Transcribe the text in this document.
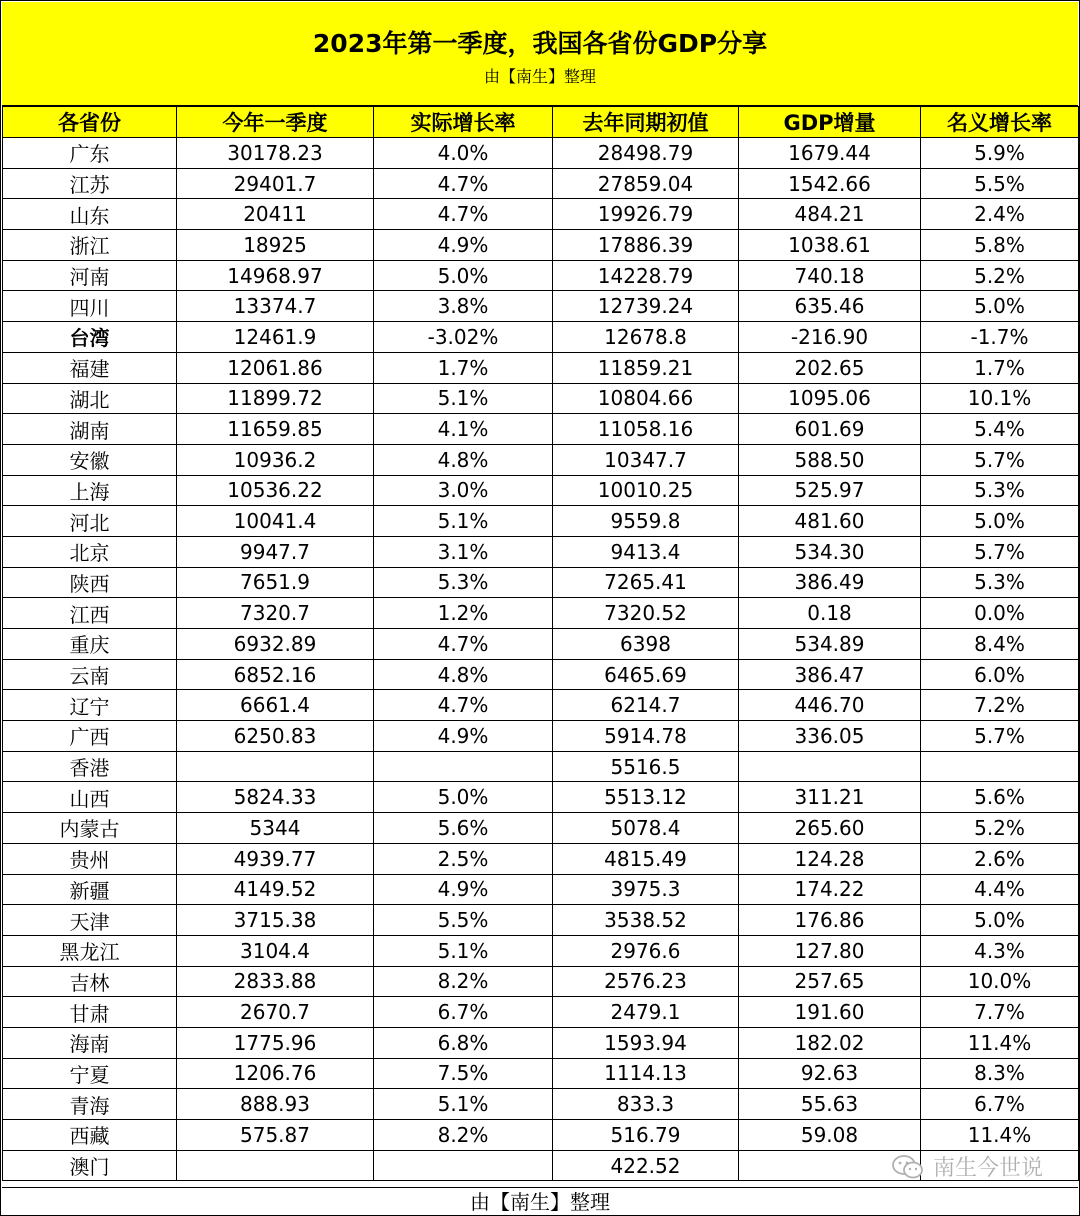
2023年第一季度，我国各省份GDP分享
由【南生】整理
各省份	今年一季度	实际增长率	去年同期初值	GDP增量	名义增长率
广东	30178.23	4.0%	28498.79	1679.44	5.9%
江苏	29401.7	4.7%	27859.04	1542.66	5.5%
山东	20411	4.7%	19926.79	484.21	2.4%
浙江	18925	4.9%	17886.39	1038.61	5.8%
河南	14968.97	5.0%	14228.79	740.18	5.2%
四川	13374.7	3.8%	12739.24	635.46	5.0%
台湾	12461.9	-3.02%	12678.8	-216.90	-1.7%
福建	12061.86	1.7%	11859.21	202.65	1.7%
湖北	11899.72	5.1%	10804.66	1095.06	10.1%
湖南	11659.85	4.1%	11058.16	601.69	5.4%
安徽	10936.2	4.8%	10347.7	588.50	5.7%
上海	10536.22	3.0%	10010.25	525.97	5.3%
河北	10041.4	5.1%	9559.8	481.60	5.0%
北京	9947.7	3.1%	9413.4	534.30	5.7%
陕西	7651.9	5.3%	7265.41	386.49	5.3%
江西	7320.7	1.2%	7320.52	0.18	0.0%
重庆	6932.89	4.7%	6398	534.89	8.4%
云南	6852.16	4.8%	6465.69	386.47	6.0%
辽宁	6661.4	4.7%	6214.7	446.70	7.2%
广西	6250.83	4.9%	5914.78	336.05	5.7%
香港			5516.5		
山西	5824.33	5.0%	5513.12	311.21	5.6%
内蒙古	5344	5.6%	5078.4	265.60	5.2%
贵州	4939.77	2.5%	4815.49	124.28	2.6%
新疆	4149.52	4.9%	3975.3	174.22	4.4%
天津	3715.38	5.5%	3538.52	176.86	5.0%
黑龙江	3104.4	5.1%	2976.6	127.80	4.3%
吉林	2833.88	8.2%	2576.23	257.65	10.0%
甘肃	2670.7	6.7%	2479.1	191.60	7.7%
海南	1775.96	6.8%	1593.94	182.02	11.4%
宁夏	1206.76	7.5%	1114.13	92.63	8.3%
青海	888.93	5.1%	833.3	55.63	6.7%
西藏	575.87	8.2%	516.79	59.08	11.4%
澳门			422.52			南生今世说
由【南生】整理
